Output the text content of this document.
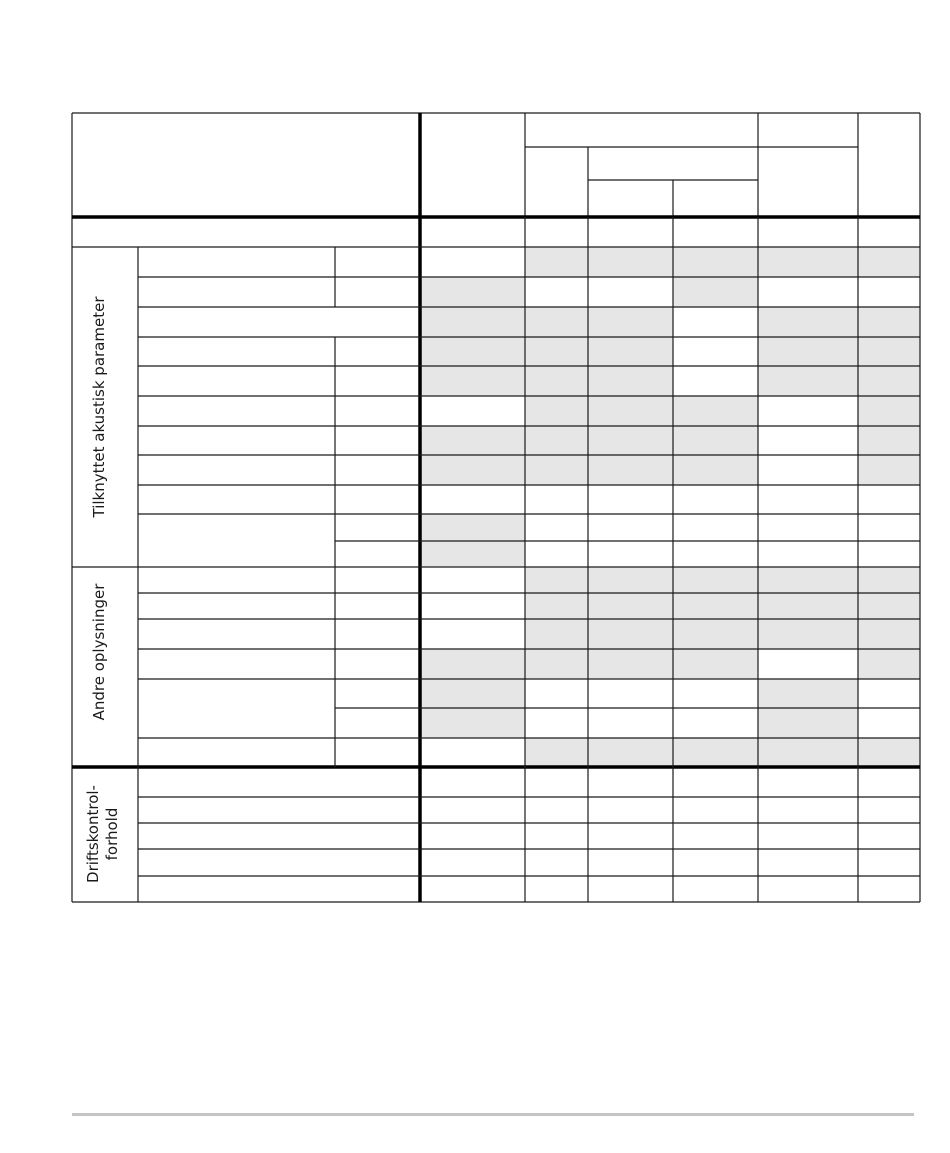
Tilknyttet akustisk parameter
Andre oplysninger
Driftskontrol- forhold
